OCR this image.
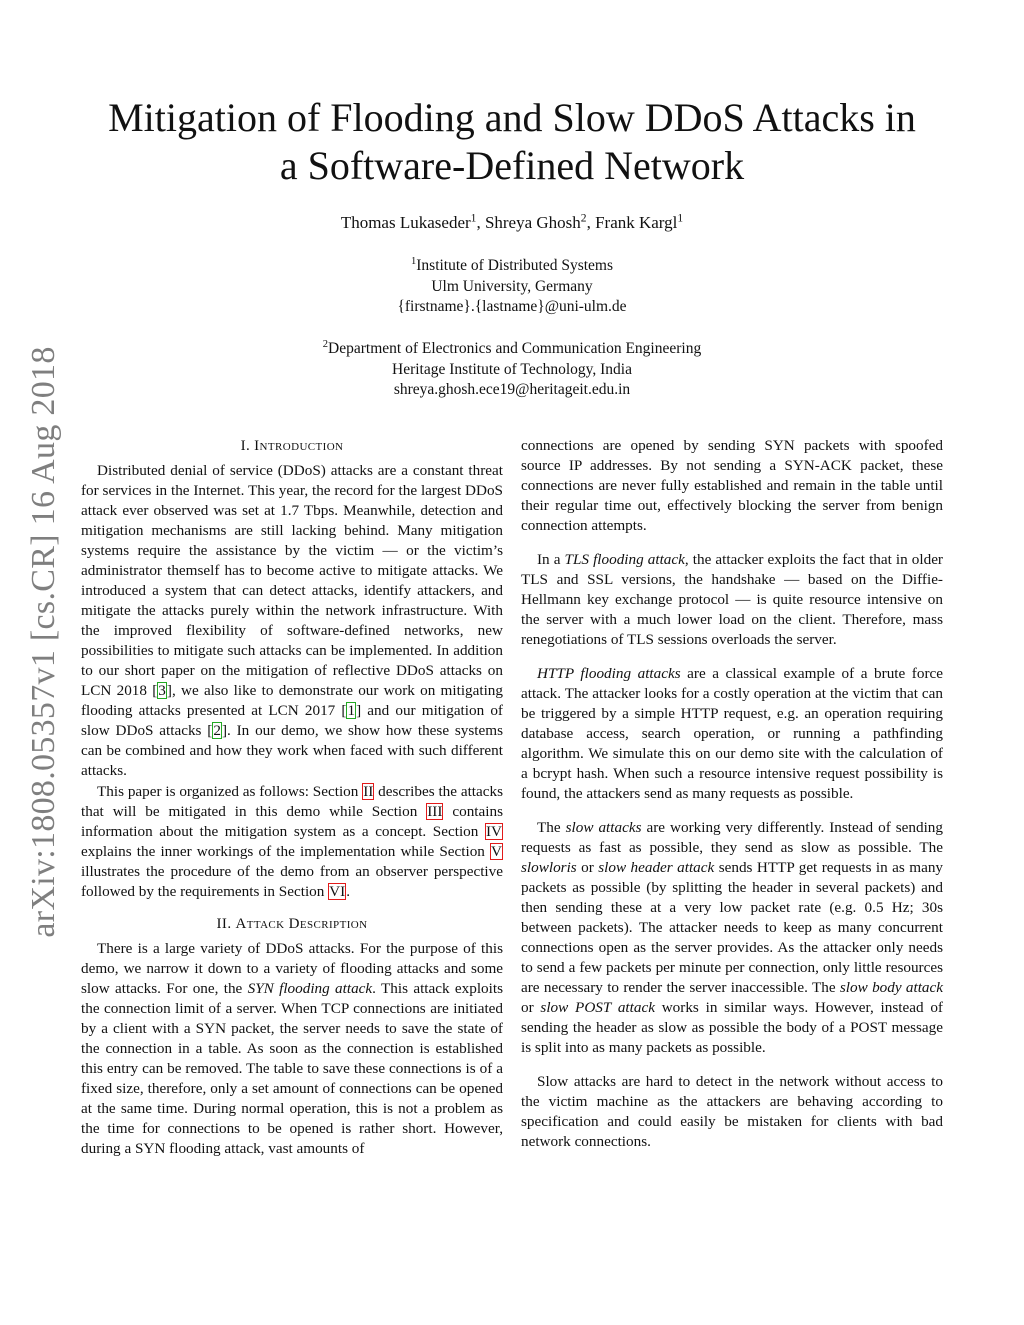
arXiv:1808.05357v1 [cs.CR] 16 Aug 2018
Mitigation of Flooding and Slow DDoS Attacks in
a Software-Defined Network
Thomas Lukaseder$^1$, Shreya Ghosh$^2$, Frank Kargl$^1$
$^1$Institute of Distributed Systems
Ulm University, Germany
{firstname}.{lastname}@uni-ulm.de
$^2$Department of Electronics and Communication Engineering
Heritage Institute of Technology, India
shreya.ghosh.ece19@heritageit.edu.in
I. Introduction

Distributed denial of service (DDoS) attacks are a constant threat for services in the Internet. This year, the record for the largest DDoS attack ever observed was set at 1.7 Tbps. Meanwhile, detection and mitigation mechanisms are still lacking behind. Many mitigation systems require the assistance by the victim — or the victim’s administrator themself has to become active to mitigate attacks. We introduced a system that can detect attacks, identify attackers, and mitigate the attacks purely within the network infrastructure. With the improved flexibility of software-defined networks, new possibilities to mitigate such attacks can be implemented. In addition to our short paper on the mitigation of reflective DDoS attacks on LCN 2018 [3], we also like to demonstrate our work on mitigating flooding attacks presented at LCN 2017 [1] and our mitigation of slow DDoS attacks [2]. In our demo, we show how these systems can be combined and how they work when faced with such different attacks.

This paper is organized as follows: Section II describes the attacks that will be mitigated in this demo while Section III contains information about the mitigation system as a concept. Section IV explains the inner workings of the implementation while Section V illustrates the procedure of the demo from an observer perspective followed by the requirements in Section VI.

II. Attack Description

There is a large variety of DDoS attacks. For the purpose of this demo, we narrow it down to a variety of flooding attacks and some slow attacks. For one, the SYN flooding attack. This attack exploits the connection limit of a server. When TCP connections are initiated by a client with a SYN packet, the server needs to save the state of the connection in a table. As soon as the connection is established this entry can be removed. The table to save these connections is of a fixed size, therefore, only a set amount of connections can be opened at the same time. During normal operation, this is not a problem as the time for connections to be opened is rather short. However, during a SYN flooding attack, vast amounts of

connections are opened by sending SYN packets with spoofed source IP addresses. By not sending a SYN-ACK packet, these connections are never fully established and remain in the table until their regular time out, effectively blocking the server from benign connection attempts.

In a TLS flooding attack, the attacker exploits the fact that in older TLS and SSL versions, the handshake — based on the Diffie-Hellmann key exchange protocol — is quite resource intensive on the server with a much lower load on the client. Therefore, mass renegotiations of TLS sessions overloads the server.

HTTP flooding attacks are a classical example of a brute force attack. The attacker looks for a costly operation at the victim that can be triggered by a simple HTTP request, e.g. an operation requiring database access, search operation, or running a pathfinding algorithm. We simulate this on our demo site with the calculation of a bcrypt hash. When such a resource intensive request possibility is found, the attackers send as many requests as possible.

The slow attacks are working very differently. Instead of sending requests as fast as possible, they send as slow as possible. The slowloris or slow header attack sends HTTP get requests in as many packets as possible (by splitting the header in several packets) and then sending these at a very low packet rate (e.g. 0.5 Hz; 30s between packets). The attacker needs to keep as many concurrent connections open as the server provides. As the attacker only needs to send a few packets per minute per connection, only little resources are necessary to render the server inaccessible. The slow body attack or slow POST attack works in similar ways. However, instead of sending the header as slow as possible the body of a POST message is split into as many packets as possible.

Slow attacks are hard to detect in the network without access to the victim machine as the attackers are behaving according to specification and could easily be mistaken for clients with bad network connections.
